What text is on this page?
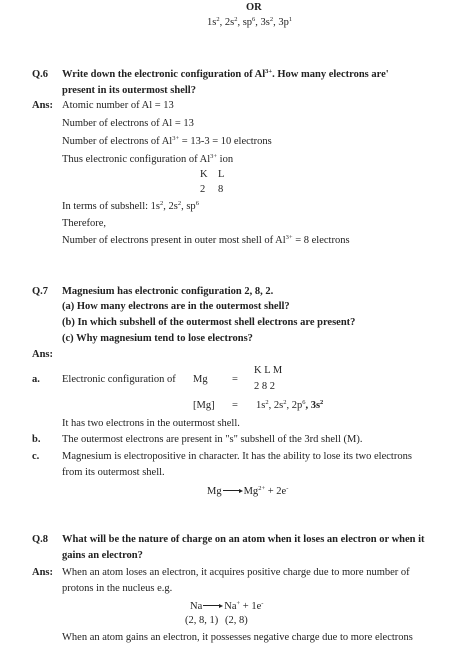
OR
$1s^2$, $2s^2$, $sp^6$, $3s^2$, $3p^1$
Q.6 Write down the electronic configuration of $Al^{3+}$. How many electrons are'
present in its outermost shell?
Ans: Atomic number of Al = 13
Number of electrons of Al = 13
Number of electrons of $Al^{3+} = 13-3 = 10$ electrons
Thus electronic configuration of $Al^{3+}$ ion
K L
2 8
In terms of subshell: $1s^2$, $2s^2$, $sp^6$
Therefore,
Number of electrons present in outer most shell of $Al^{3+} = 8$ electrons
Q.7 Magnesium has electronic configuration 2, 8, 2.
(a) How many electrons are in the outermost shell?
(b) In which subshell of the outermost shell electrons are present?
(c) Why magnesium tend to lose electrons?
Ans:
a. Electronic configuration of
K L M
Mg =
2 8 2
$[Mg] = 1s^2$, $2s^2$, $2p^6$, $3s^2$
It has two electrons in the outermost shell.
b. The outermost electrons are present in "s" subshell of the 3rd shell (M).
c. Magnesium is electropositive in character. It has the ability to lose its two electrons
from its outermost shell.
Mg $Mg^{2+} + 2e^-$
Q.8 What will be the nature of charge on an atom when it loses an electron or when it
gains an electron?
Ans: When an atom loses an electron, it acquires positive charge due to more number of
protons in the nucleus e.g.
Na Na+ + 1e-
(2, 8, 1) (2, 8)
When an atom gains an electron, it possesses negative charge due to more electrons
